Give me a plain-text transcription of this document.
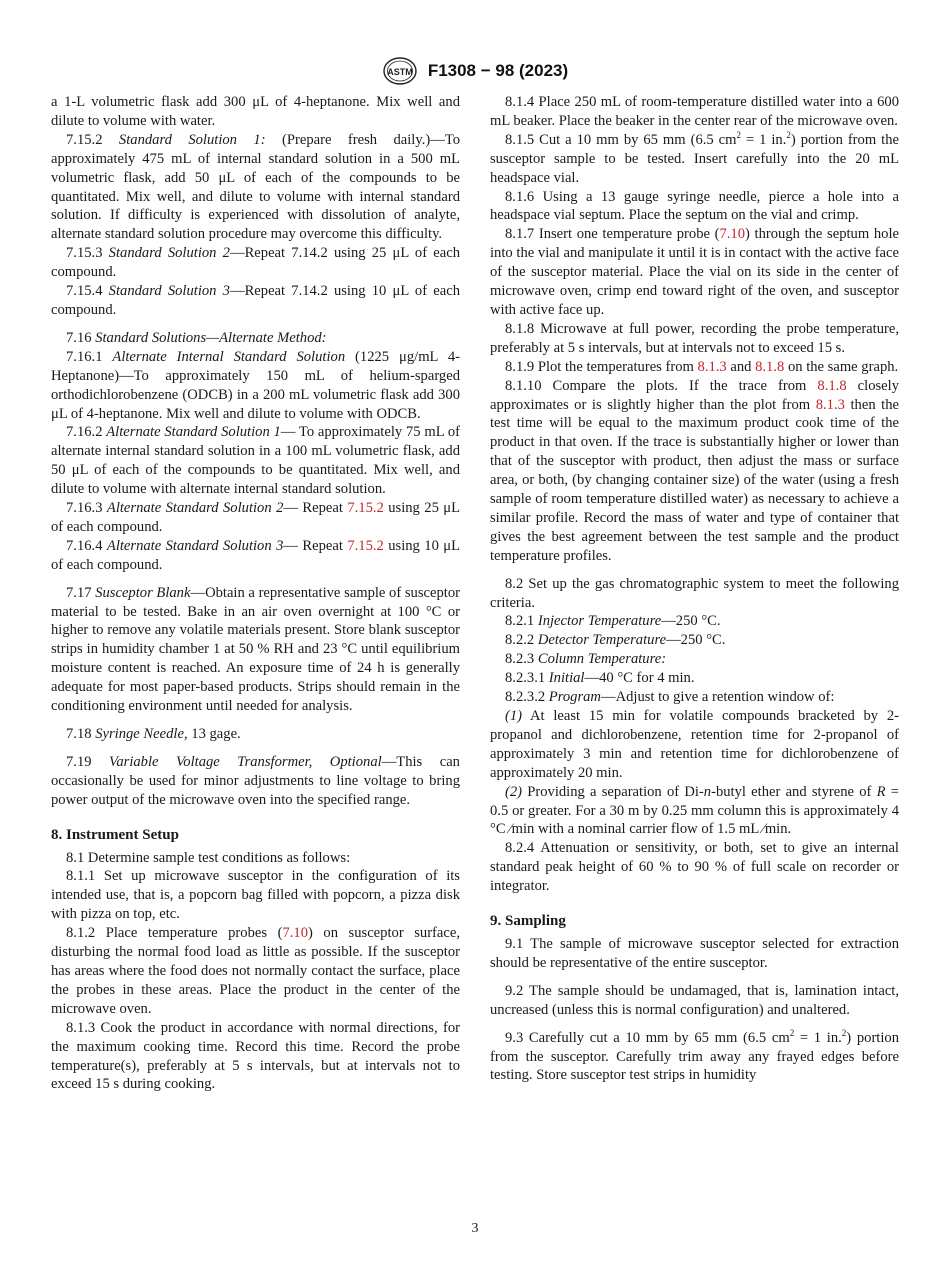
ASTM F1308 − 98 (2023)

a 1-L volumetric flask add 300 μL of 4-heptanone. Mix well and dilute to volume with water.

7.15.2 Standard Solution 1: (Prepare fresh daily.)—To approximately 475 mL of internal standard solution in a 500 mL volumetric flask, add 50 μL of each of the compounds to be quantitated. Mix well, and dilute to volume with internal standard solution. If difficulty is experienced with dissolution of analyte, alternate standard solution procedure may overcome this difficulty.

7.15.3 Standard Solution 2—Repeat 7.14.2 using 25 μL of each compound.

7.15.4 Standard Solution 3—Repeat 7.14.2 using 10 μL of each compound.

7.16 Standard Solutions—Alternate Method:

7.16.1 Alternate Internal Standard Solution (1225 μg/mL 4-Heptanone)—To approximately 150 mL of helium-sparged orthodichlorobenzene (ODCB) in a 200 mL volumetric flask add 300 μL of 4-heptanone. Mix well and dilute to volume with ODCB.

7.16.2 Alternate Standard Solution 1— To approximately 75 mL of alternate internal standard solution in a 100 mL volumetric flask, add 50 μL of each of the compounds to be quantitated. Mix well, and dilute to volume with alternate internal standard solution.

7.16.3 Alternate Standard Solution 2— Repeat 7.15.2 using 25 μL of each compound.

7.16.4 Alternate Standard Solution 3— Repeat 7.15.2 using 10 μL of each compound.

7.17 Susceptor Blank—Obtain a representative sample of susceptor material to be tested. Bake in an air oven overnight at 100 °C or higher to remove any volatile materials present. Store blank susceptor strips in humidity chamber 1 at 50 % RH and 23 °C until equilibrium moisture content is reached. An exposure time of 24 h is generally adequate for most paper-based products. Strips should remain in the conditioning environment until needed for analysis.

7.18 Syringe Needle, 13 gage.

7.19 Variable Voltage Transformer, Optional—This can occasionally be used for minor adjustments to line voltage to bring power output of the microwave oven into the specified range.

8. Instrument Setup

8.1 Determine sample test conditions as follows:

8.1.1 Set up microwave susceptor in the configuration of its intended use, that is, a popcorn bag filled with popcorn, a pizza disk with pizza on top, etc.

8.1.2 Place temperature probes (7.10) on susceptor surface, disturbing the normal food load as little as possible. If the susceptor has areas where the food does not normally contact the surface, place the probes in these areas. Place the product in the center of the microwave oven.

8.1.3 Cook the product in accordance with normal directions, for the maximum cooking time. Record this time. Record the probe temperature(s), preferably at 5 s intervals, but at intervals not to exceed 15 s during cooking.

8.1.4 Place 250 mL of room-temperature distilled water into a 600 mL beaker. Place the beaker in the center rear of the microwave oven.

8.1.5 Cut a 10 mm by 65 mm (6.5 $cm^2 = 1$ in.$^2$) portion from the susceptor sample to be tested. Insert carefully into the 20 mL headspace vial.

8.1.6 Using a 13 gauge syringe needle, pierce a hole into a headspace vial septum. Place the septum on the vial and crimp.

8.1.7 Insert one temperature probe (7.10) through the septum hole into the vial and manipulate it until it is in contact with the active face of the susceptor material. Place the vial on its side in the center of microwave oven, crimp end toward right of the oven, and susceptor with active face up.

8.1.8 Microwave at full power, recording the probe temperature, preferably at 5 s intervals, but at intervals not to exceed 15 s.

8.1.9 Plot the temperatures from 8.1.3 and 8.1.8 on the same graph.

8.1.10 Compare the plots. If the trace from 8.1.8 closely approximates or is slightly higher than the plot from 8.1.3 then the test time will be equal to the maximum product cook time of the product in that oven. If the trace is substantially higher or lower than that of the susceptor with product, then adjust the mass or surface area, or both, (by changing container size) of the water (using a fresh sample of room temperature distilled water) as necessary to achieve a similar profile. Record the mass of water and type of container that gives the best agreement between the test sample and the product temperature profiles.

8.2 Set up the gas chromatographic system to meet the following criteria.

8.2.1 Injector Temperature—250 °C.

8.2.2 Detector Temperature—250 °C.

8.2.3 Column Temperature:

8.2.3.1 Initial—40 °C for 4 min.

8.2.3.2 Program—Adjust to give a retention window of:

(1) At least 15 min for volatile compounds bracketed by 2-propanol and dichlorobenzene, retention time for 2-propanol of approximately 3 min and retention time for dichlorobenzene of approximately 20 min.

(2) Providing a separation of Di-n-butyl ether and styrene of R = 0.5 or greater. For a 30 m by 0.25 mm column this is approximately 4 °C ⁄min with a nominal carrier flow of 1.5 mL ⁄min.

8.2.4 Attenuation or sensitivity, or both, set to give an internal standard peak height of 60 % to 90 % of full scale on recorder or integrator.

9. Sampling

9.1 The sample of microwave susceptor selected for extraction should be representative of the entire susceptor.

9.2 The sample should be undamaged, that is, lamination intact, uncreased (unless this is normal configuration) and unaltered.

9.3 Carefully cut a 10 mm by 65 mm (6.5 $cm^2 = 1$ in.$^2$) portion from the susceptor. Carefully trim away any frayed edges before testing. Store susceptor test strips in humidity

3
